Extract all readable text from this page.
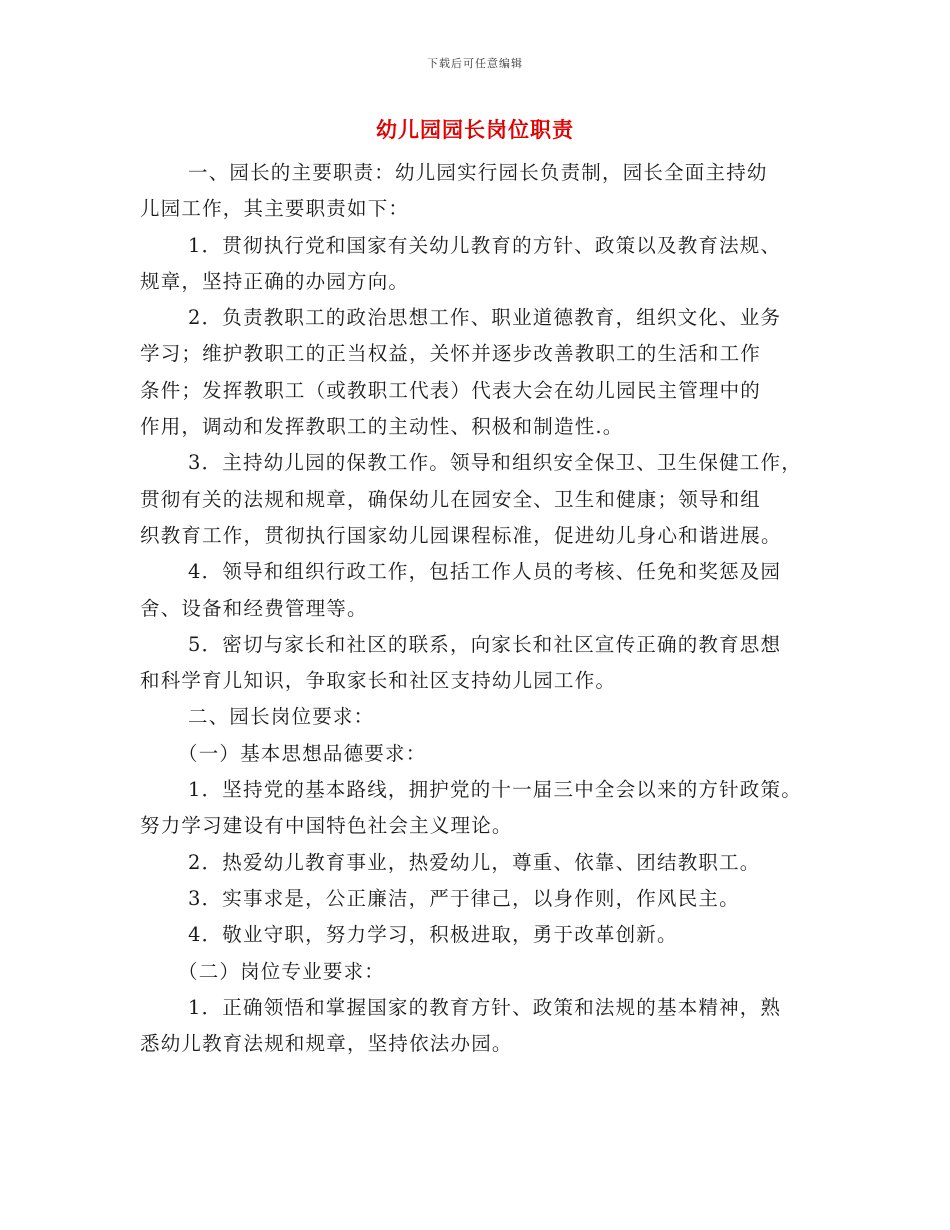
下载后可任意编辑
幼儿园园长岗位职责
一、园长的主要职责：幼儿园实行园长负责制，园长全面主持幼
儿园工作，其主要职责如下：
1．贯彻执行党和国家有关幼儿教育的方针、政策以及教育法规、
规章，坚持正确的办园方向。
2．负责教职工的政治思想工作、职业道德教育，组织文化、业务
学习；维护教职工的正当权益，关怀并逐步改善教职工的生活和工作
条件；发挥教职工（或教职工代表）代表大会在幼儿园民主管理中的
作用，调动和发挥教职工的主动性、积极和制造性.。
3．主持幼儿园的保教工作。领导和组织安全保卫、卫生保健工作，
贯彻有关的法规和规章，确保幼儿在园安全、卫生和健康；领导和组
织教育工作，贯彻执行国家幼儿园课程标准，促进幼儿身心和谐进展。
4．领导和组织行政工作，包括工作人员的考核、任免和奖惩及园
舍、设备和经费管理等。
5．密切与家长和社区的联系，向家长和社区宣传正确的教育思想
和科学育儿知识，争取家长和社区支持幼儿园工作。
二、园长岗位要求：
（一）基本思想品德要求：
1．坚持党的基本路线，拥护党的十一届三中全会以来的方针政策。
努力学习建设有中国特色社会主义理论。
2．热爱幼儿教育事业，热爱幼儿，尊重、依靠、团结教职工。
3．实事求是，公正廉洁，严于律己，以身作则，作风民主。
4．敬业守职，努力学习，积极进取，勇于改革创新。
（二）岗位专业要求：
1．正确领悟和掌握国家的教育方针、政策和法规的基本精神，熟
悉幼儿教育法规和规章，坚持依法办园。
